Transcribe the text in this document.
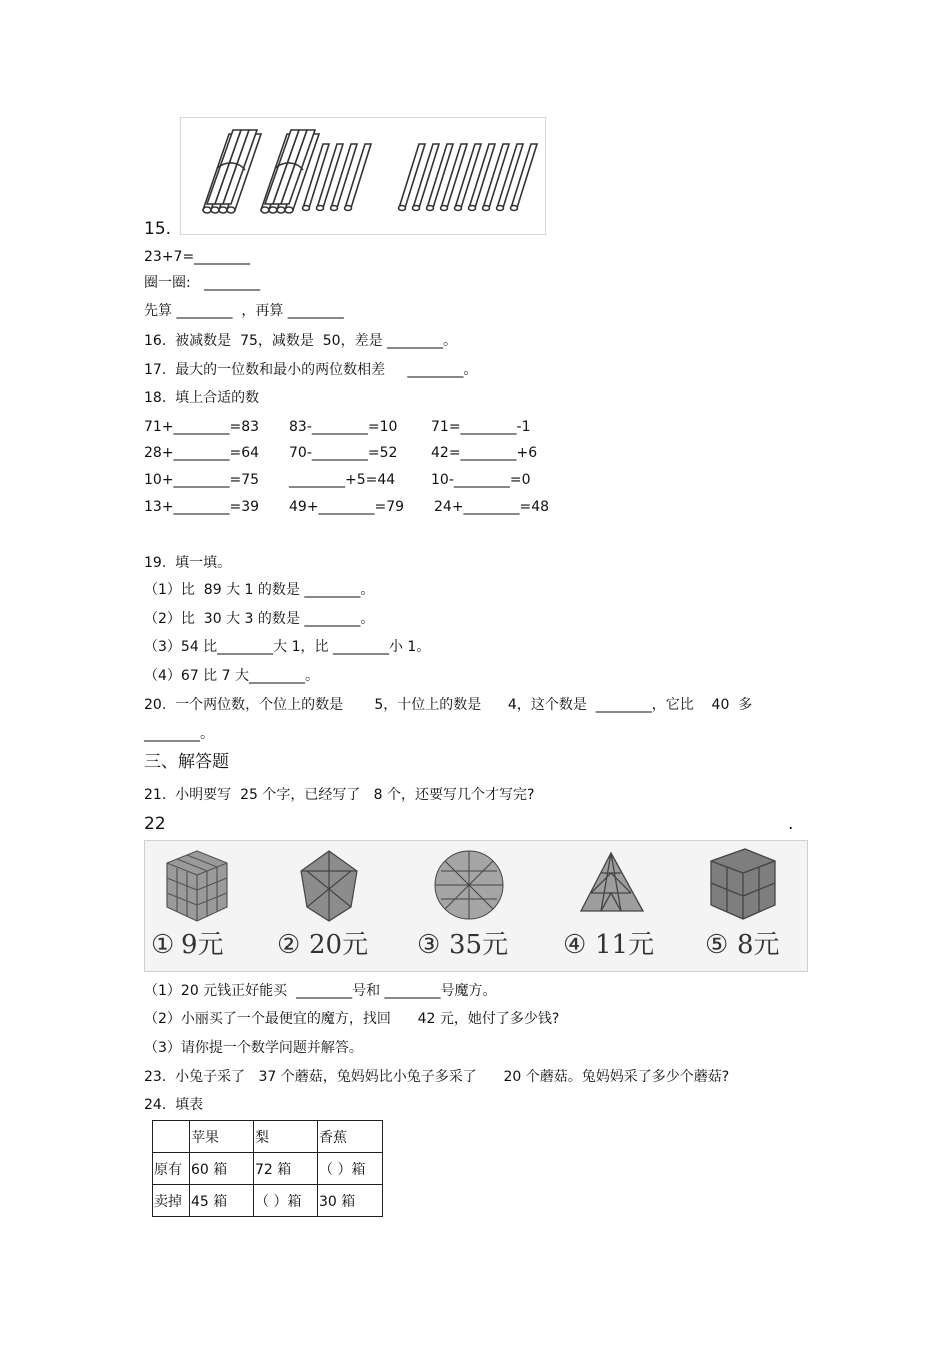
15.
23+7=________
圈一圈:   ________
先算 ________  ，再算 ________
16.  被减数是  75，减数是  50，差是 ________。
17.  最大的一位数和最小的两位数相差     ________。
18.  填上合适的数
71+________=83 83-________=10 71=________-1
28+________=64 70-________=52 42=________+6
10+________=75 ________+5=44	10-________=0
13+________=39 49+________=79 24+________=48
19.  填一填。
（1）比  89 大 1 的数是 ________。
（2）比  30 大 3 的数是 ________。
（3）54 比________大 1，比 ________小 1。
（4）67 比 7 大________。
20.  一个两位数，个位上的数是       5，十位上的数是      4，这个数是  ________，它比    40  多
________。
三、解答题
21.  小明要写  25 个字，已经写了   8 个，还要写几个才写完?
22	.
① 9元 ② 20元 ③ 35元 ④ 11元 ⑤ 8元
（1）20 元钱正好能买  ________号和 ________号魔方。
（2）小丽买了一个最便宜的魔方，找回      42 元，她付了多少钱?
（3）请你提一个数学问题并解答。
23.  小兔子采了   37 个蘑菇，兔妈妈比小兔子多采了      20 个蘑菇。兔妈妈采了多少个蘑菇?
24.  填表
	苹果	梨	香蕉
原有	60 箱	72 箱	（ ）箱
卖掉	45 箱	（ ）箱	30 箱
